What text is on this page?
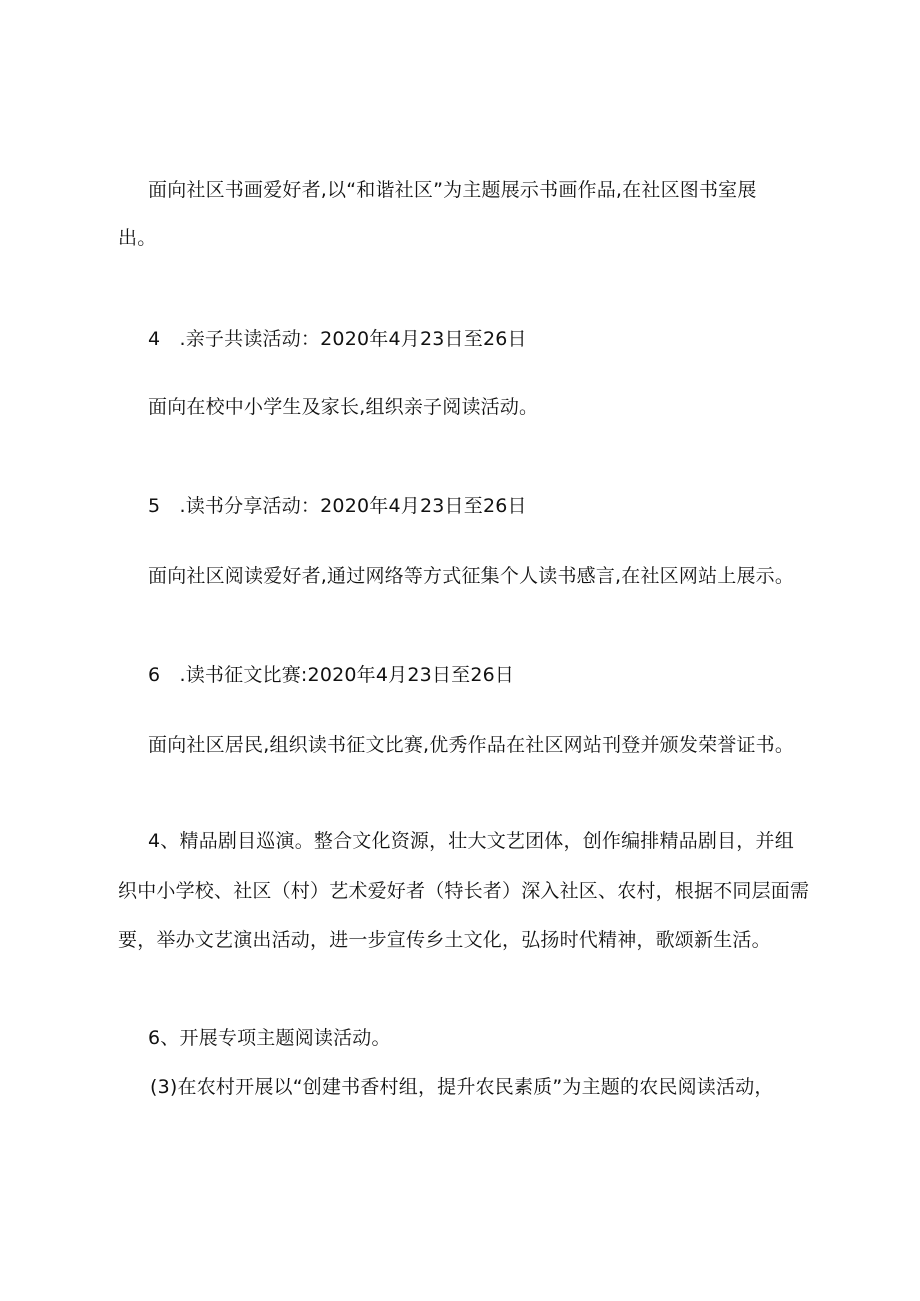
面向社区书画爱好者,以“和谐社区”为主题展示书画作品,在社区图书室展
出。
4　.亲子共读活动：2020年4月23日至26日
面向在校中小学生及家长,组织亲子阅读活动。
5　.读书分享活动：2020年4月23日至26日
面向社区阅读爱好者,通过网络等方式征集个人读书感言,在社区网站上展示。
6　.读书征文比赛:2020年4月23日至26日
面向社区居民,组织读书征文比赛,优秀作品在社区网站刊登并颁发荣誉证书。
4、精品剧目巡演。整合文化资源，壮大文艺团体，创作编排精品剧目，并组
织中小学校、社区（村）艺术爱好者（特长者）深入社区、农村，根据不同层面需
要，举办文艺演出活动，进一步宣传乡土文化，弘扬时代精神，歌颂新生活。
6、开展专项主题阅读活动。
(3)在农村开展以“创建书香村组，提升农民素质”为主题的农民阅读活动，
